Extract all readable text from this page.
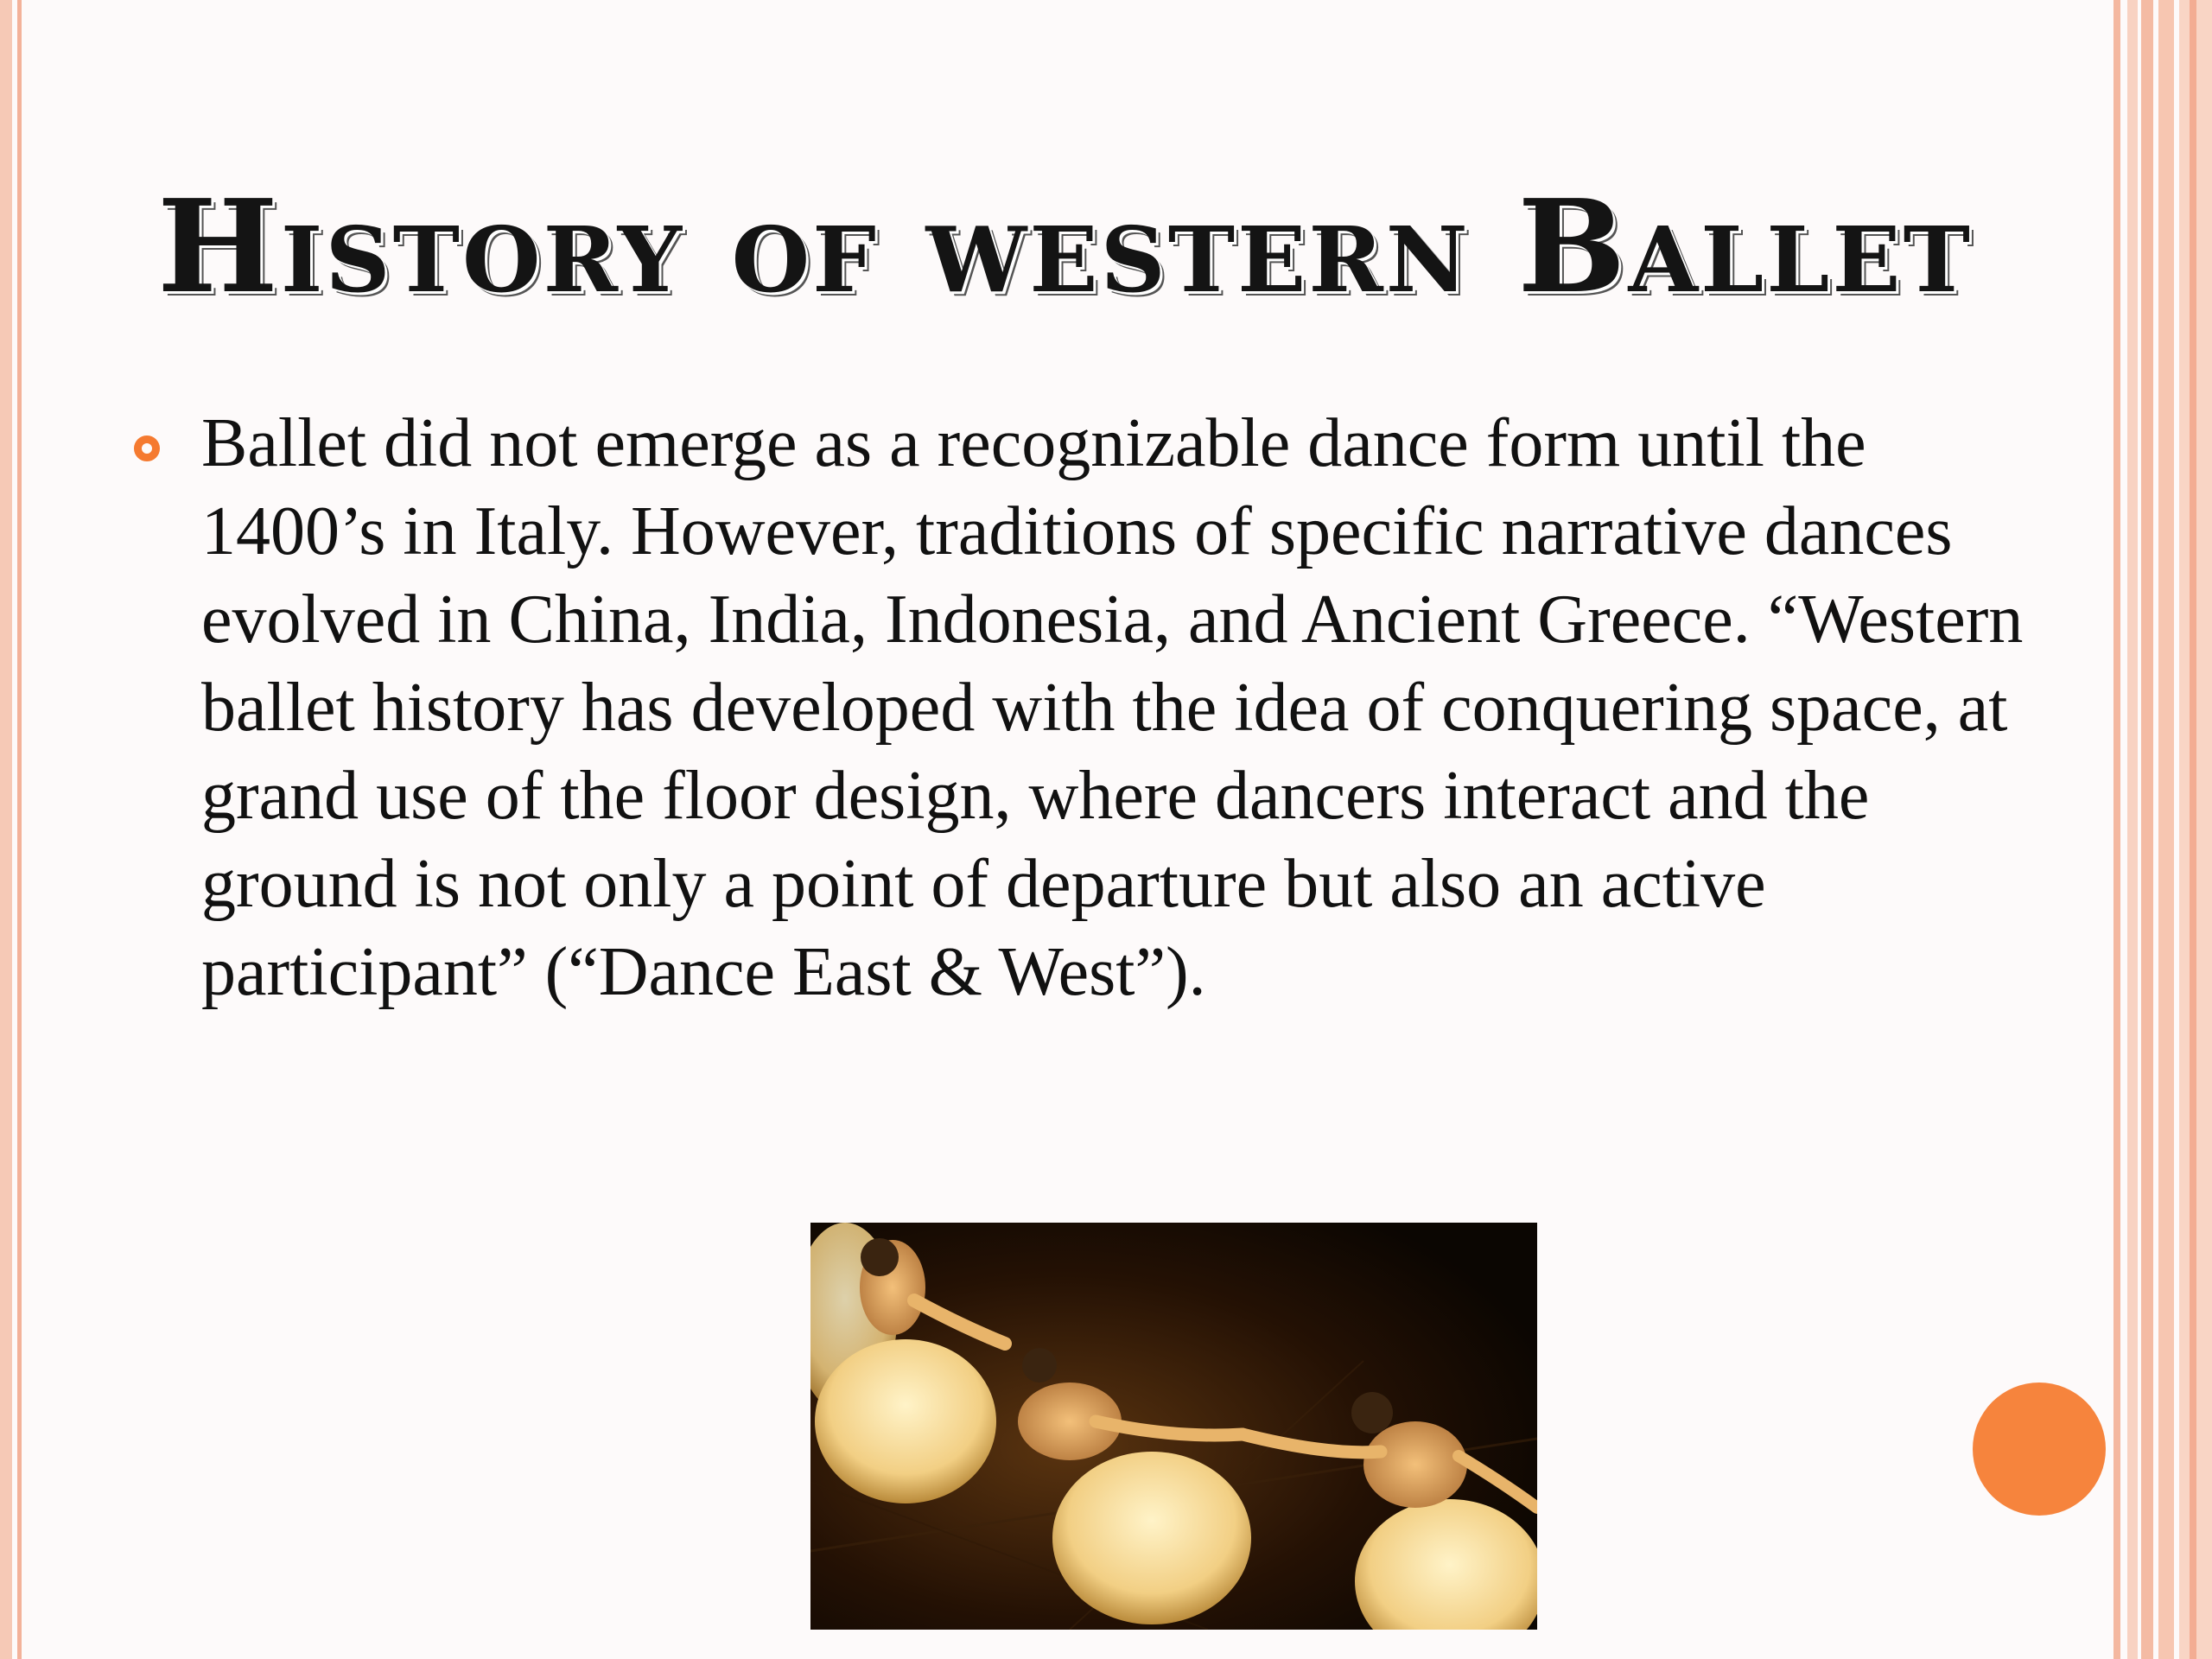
History of western Ballet
Ballet did not emerge as a recognizable dance form until the 1400’s in Italy. However, traditions of specific narrative dances evolved in China, India, Indonesia, and Ancient Greece. “Western ballet history has developed with the idea of conquering space, at grand use of the floor design, where dancers interact and the ground is not only a point of departure but also an active participant” (“Dance East & West”).
